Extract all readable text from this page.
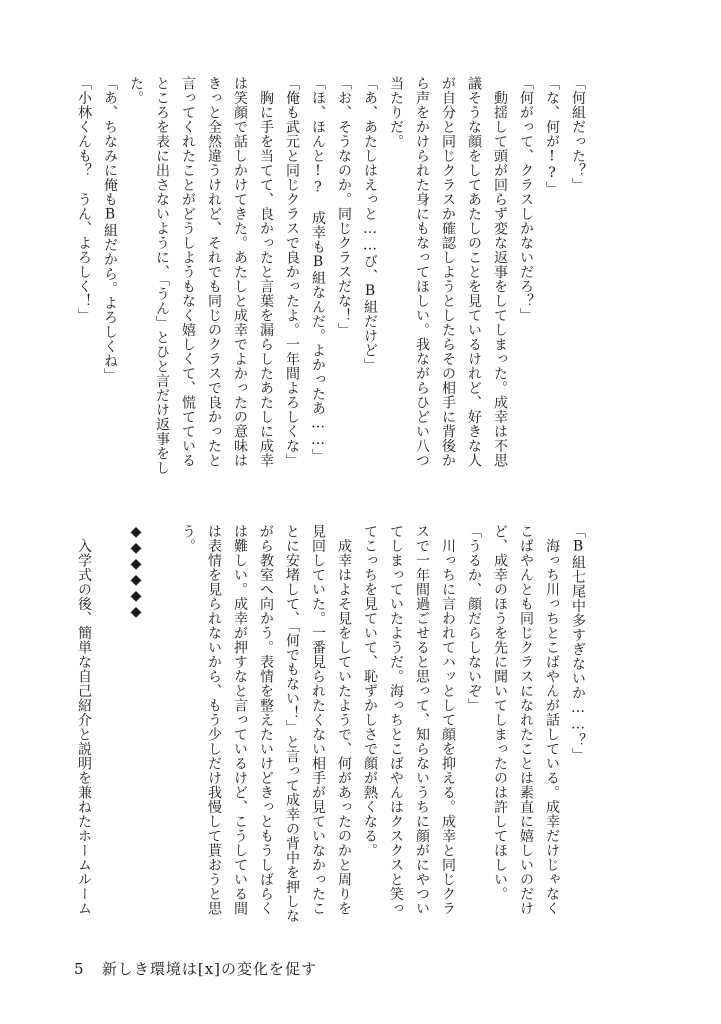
「何組だった？」
「な、何が!?」
「何がって、クラスしかないだろ？」
　動揺して頭が回らず変な返事をしてしまった。成幸は不思
議そうな顔をしてあたしのことを見ているけれど、好きな人
が自分と同じクラスか確認しようとしたらその相手に背後か
ら声をかけられた身にもなってほしい。我ながらひどい八つ
当たりだ。
「あ、あたしはえっと……び、B組だけど」
「お、そうなのか。同じクラスだな！」
「ほ、ほんと!?　成幸もB組なんだ。よかったあ……」
「俺も武元と同じクラスで良かったよ。一年間よろしくな」
　胸に手を当てて、良かったと言葉を漏らしたあたしに成幸
は笑顔で話しかけてきた。あたしと成幸でよかったの意味は
きっと全然違うけれど、それでも同じのクラスで良かったと
言ってくれたことがどうしようもなく嬉しくて、慌てている
ところを表に出さないように、「うん」とひと言だけ返事をし
た。
「あ、ちなみに俺もB組だから。よろしくね」
「小林くんも？　うん、よろしく！」
「B組七尾中多すぎないか……？」
　海っち川っちとこばやんが話している。成幸だけじゃなく
こばやんとも同じクラスになれたことは素直に嬉しいのだけ
ど、成幸のほうを先に聞いてしまったのは許してほしい。
「うるか、顔だらしないぞ」
　川っちに言われてハッとして顔を抑える。成幸と同じクラ
スで一年間過ごせると思って、知らないうちに顔がにやつい
てしまっていたようだ。海っちとこばやんはクスクスと笑っ
てこっちを見ていて、恥ずかしさで顔が熱くなる。
　成幸はよそ見をしていたようで、何があったのかと周りを
見回していた。一番見られたくない相手が見ていなかったこ
とに安堵して、「何でもない！」と言って成幸の背中を押しな
がら教室へ向かう。表情を整えたいけどきっともうしばらく
は難しい。成幸が押すなと言っているけど、こうしている間
は表情を見られないから、もう少しだけ我慢して貰おうと思
う。
◆◆◆◆◆◆
　入学式の後、簡単な自己紹介と説明を兼ねたホームルーム
5 新しき環境は[x]の変化を促す
